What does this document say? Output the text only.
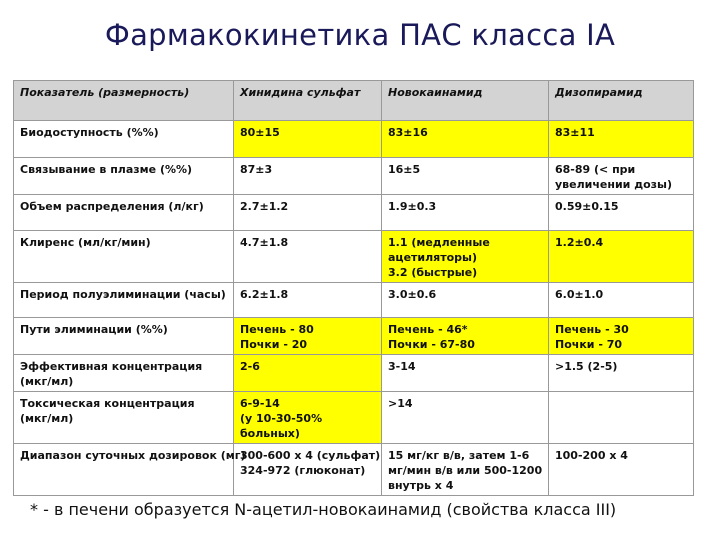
Фармакокинетика ПАС класса IA
Показатель (размерность)	Хинидина сульфат	Новокаинамид	Дизопирамид

Биодоступность (%%)	80±15	83±16	83±11

Связывание в плазме (%%)	87±3	16±5	68-89 (< при
увеличении дозы)

Объем распределения (л/кг)	2.7±1.2	1.9±0.3	0.59±0.15

Клиренс (мл/кг/мин)	4.7±1.8	1.1 (медленные
ацетиляторы)
3.2 (быстрые)	1.2±0.4

Период полуэлиминации (часы)	6.2±1.8	3.0±0.6	6.0±1.0

Пути элиминации (%%)	Печень - 80
Почки - 20	Печень - 46*
Почки - 67-80	Печень - 30
Почки - 70

Эффективная концентрация
(мкг/мл)	2-6	3-14	>1.5 (2-5)

Токсическая концентрация
(мкг/мл)	6-9-14
(у 10-30-50%
больных)	>14	

Диапазон суточных дозировок (мг)	300-600 x 4 (сульфат)
324-972 (глюконат)	15 мг/кг в/в, затем 1-6
мг/мин в/в или 500-1200
внутрь x 4	100-200 x 4
* - в печени образуется N-ацетил-новокаинамид (свойства класса III)
